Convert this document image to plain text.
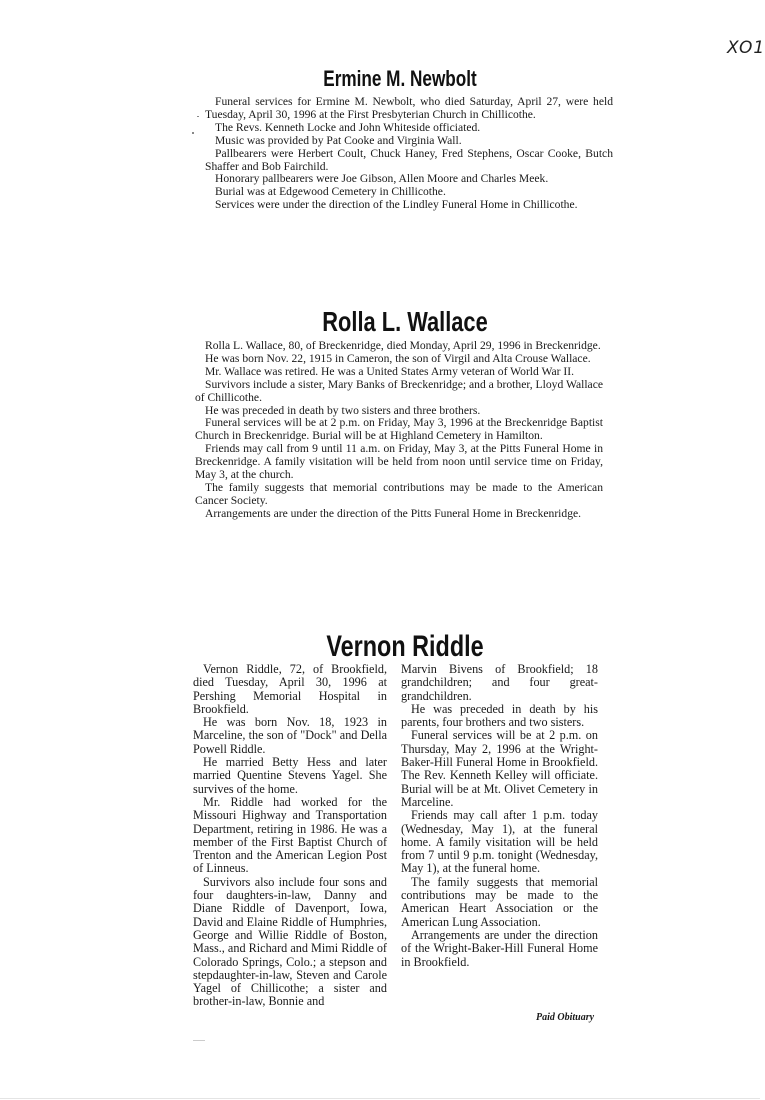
XO1
Ermine M. Newbolt

Funeral services for Ermine M. Newbolt, who died Saturday, April 27, were held Tuesday, April 30, 1996 at the First Presbyterian Church in Chillicothe.

The Revs. Kenneth Locke and John Whiteside officiated.

Music was provided by Pat Cooke and Virginia Wall.

Pallbearers were Herbert Coult, Chuck Haney, Fred Stephens, Oscar Cooke, Butch Shaffer and Bob Fairchild.

Honorary pallbearers were Joe Gibson, Allen Moore and Charles Meek.

Burial was at Edgewood Cemetery in Chillicothe.

Services were under the direction of the Lindley Funeral Home in Chillicothe.

Rolla L. Wallace

Rolla L. Wallace, 80, of Breckenridge, died Monday, April 29, 1996 in Breckenridge.

He was born Nov. 22, 1915 in Cameron, the son of Virgil and Alta Crouse Wallace.

Mr. Wallace was retired. He was a United States Army veteran of World War II.

Survivors include a sister, Mary Banks of Breckenridge; and a brother, Lloyd Wallace of Chillicothe.

He was preceded in death by two sisters and three brothers.

Funeral services will be at 2 p.m. on Friday, May 3, 1996 at the Breckenridge Baptist Church in Breckenridge. Burial will be at Highland Cemetery in Hamilton.

Friends may call from 9 until 11 a.m. on Friday, May 3, at the Pitts Funeral Home in Breckenridge. A family visitation will be held from noon until service time on Friday, May 3, at the church.

The family suggests that memorial contributions may be made to the American Cancer Society.

Arrangements are under the direction of the Pitts Funeral Home in Breckenridge.

Vernon Riddle

Vernon Riddle, 72, of Brookfield, died Tuesday, April 30, 1996 at Pershing Memorial Hospital in Brookfield.

He was born Nov. 18, 1923 in Marceline, the son of "Dock" and Della Powell Riddle.

He married Betty Hess and later married Quentine Stevens Yagel. She survives of the home.

Mr. Riddle had worked for the Missouri Highway and Transportation Department, retiring in 1986. He was a member of the First Baptist Church of Trenton and the American Legion Post of Linneus.

Survivors also include four sons and four daughters-in-law, Danny and Diane Riddle of Davenport, Iowa, David and Elaine Riddle of Humphries, George and Willie Riddle of Boston, Mass., and Richard and Mimi Riddle of Colorado Springs, Colo.; a stepson and stepdaughter-in-law, Steven and Carole Yagel of Chillicothe; a sister and brother-in-law, Bonnie and

Marvin Bivens of Brookfield; 18 grandchildren; and four great-grandchildren.

He was preceded in death by his parents, four brothers and two sisters.

Funeral services will be at 2 p.m. on Thursday, May 2, 1996 at the Wright-Baker-Hill Funeral Home in Brookfield. The Rev. Kenneth Kelley will officiate. Burial will be at Mt. Olivet Cemetery in Marceline.

Friends may call after 1 p.m. today (Wednesday, May 1), at the funeral home. A family visitation will be held from 7 until 9 p.m. tonight (Wednesday, May 1), at the funeral home.

The family suggests that memorial contributions may be made to the American Heart Association or the American Lung Association.

Arrangements are under the direction of the Wright-Baker-Hill Funeral Home in Brookfield.

Paid Obituary
